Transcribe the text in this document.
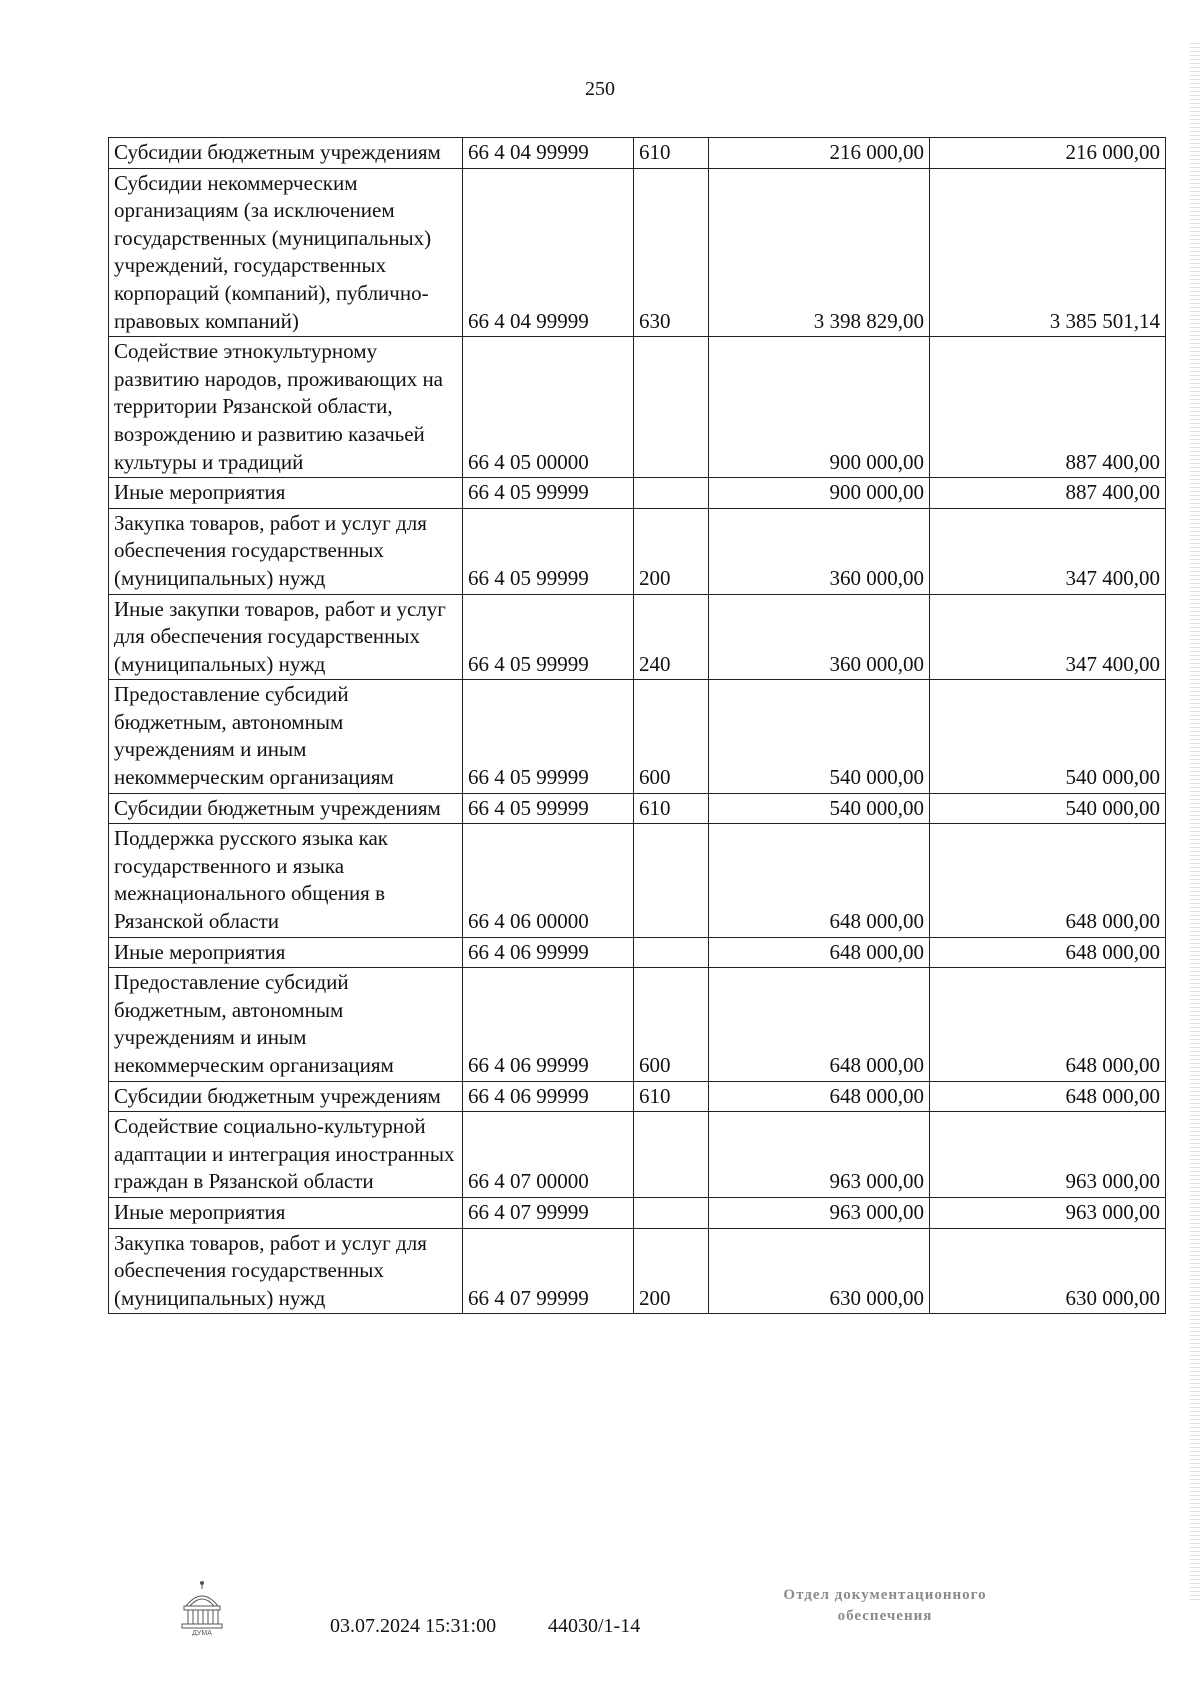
250
Субсидии бюджетным учреждениям	66 4 04 99999	610	216 000,00	216 000,00
Субсидии некоммерческим организациям (за исключением государственных (муниципальных) учреждений, государственных корпораций (компаний), публично-правовых компаний)	66 4 04 99999	630	3 398 829,00	3 385 501,14
Содействие этнокультурному развитию народов, проживающих на территории Рязанской области, возрождению и развитию казачьей культуры и традиций	66 4 05 00000		900 000,00	887 400,00
Иные мероприятия	66 4 05 99999		900 000,00	887 400,00
Закупка товаров, работ и услуг для обеспечения государственных (муниципальных) нужд	66 4 05 99999	200	360 000,00	347 400,00
Иные закупки товаров, работ и услуг для обеспечения государственных (муниципальных) нужд	66 4 05 99999	240	360 000,00	347 400,00
Предоставление субсидий бюджетным, автономным учреждениям и иным некоммерческим организациям	66 4 05 99999	600	540 000,00	540 000,00
Субсидии бюджетным учреждениям	66 4 05 99999	610	540 000,00	540 000,00
Поддержка русского языка как государственного и языка межнационального общения в Рязанской области	66 4 06 00000		648 000,00	648 000,00
Иные мероприятия	66 4 06 99999		648 000,00	648 000,00
Предоставление субсидий бюджетным, автономным учреждениям и иным некоммерческим организациям	66 4 06 99999	600	648 000,00	648 000,00
Субсидии бюджетным учреждениям	66 4 06 99999	610	648 000,00	648 000,00
Содействие социально-культурной адаптации и интеграция иностранных граждан в Рязанской области	66 4 07 00000		963 000,00	963 000,00
Иные мероприятия	66 4 07 99999		963 000,00	963 000,00
Закупка товаров, работ и услуг для обеспечения государственных (муниципальных) нужд	66 4 07 99999	200	630 000,00	630 000,00
ДУМА	03.07.2024 15:31:00	44030/1-14
Отдел документационного
обеспечения
